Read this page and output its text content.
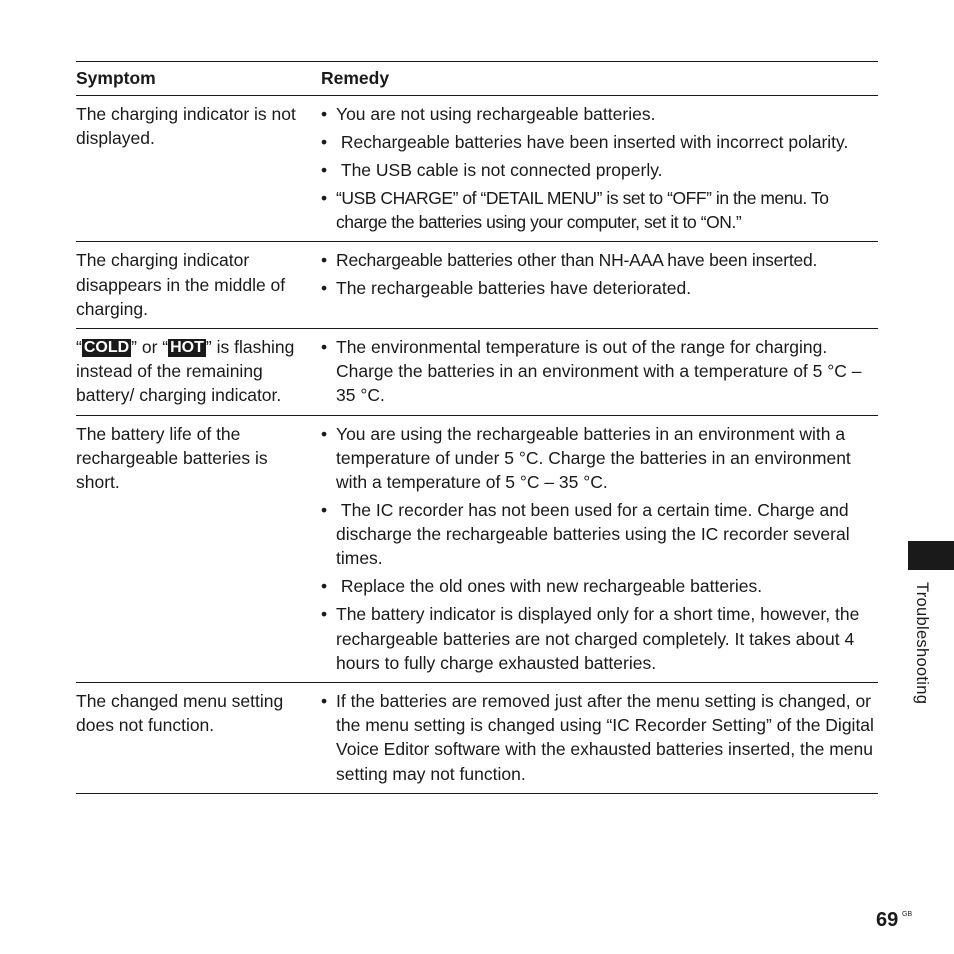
Symptom	Remedy
The charging indicator is not displayed.
• You are not using rechargeable batteries.
• Rechargeable batteries have been inserted with incorrect polarity.
• The USB cable is not connected properly.
• “USB CHARGE” of “DETAIL MENU” is set to “OFF” in the menu. To charge the batteries using your computer, set it to “ON.”
The charging indicator disappears in the middle of charging.
• Rechargeable batteries other than NH-AAA have been inserted.
• The rechargeable batteries have deteriorated.
“ COLD ” or “ HOT ” is flashing instead of the remaining battery/ charging indicator.
• The environmental temperature is out of the range for charging. Charge the batteries in an environment with a temperature of 5 °C – 35 °C.
The battery life of the rechargeable batteries is short.
• You are using the rechargeable batteries in an environment with a temperature of under 5 °C. Charge the batteries in an environment with a temperature of 5 °C – 35 °C.
• The IC recorder has not been used for a certain time. Charge and discharge the rechargeable batteries using the IC recorder several times.
• Replace the old ones with new rechargeable batteries.
• The battery indicator is displayed only for a short time, however, the rechargeable batteries are not charged completely. It takes about 4 hours to fully charge exhausted batteries.
The changed menu setting does not function.
• If the batteries are removed just after the menu setting is changed, or the menu setting is changed using “IC Recorder Setting” of the Digital Voice Editor software with the exhausted batteries inserted, the menu setting may not function.
Troubleshooting
69 GB
